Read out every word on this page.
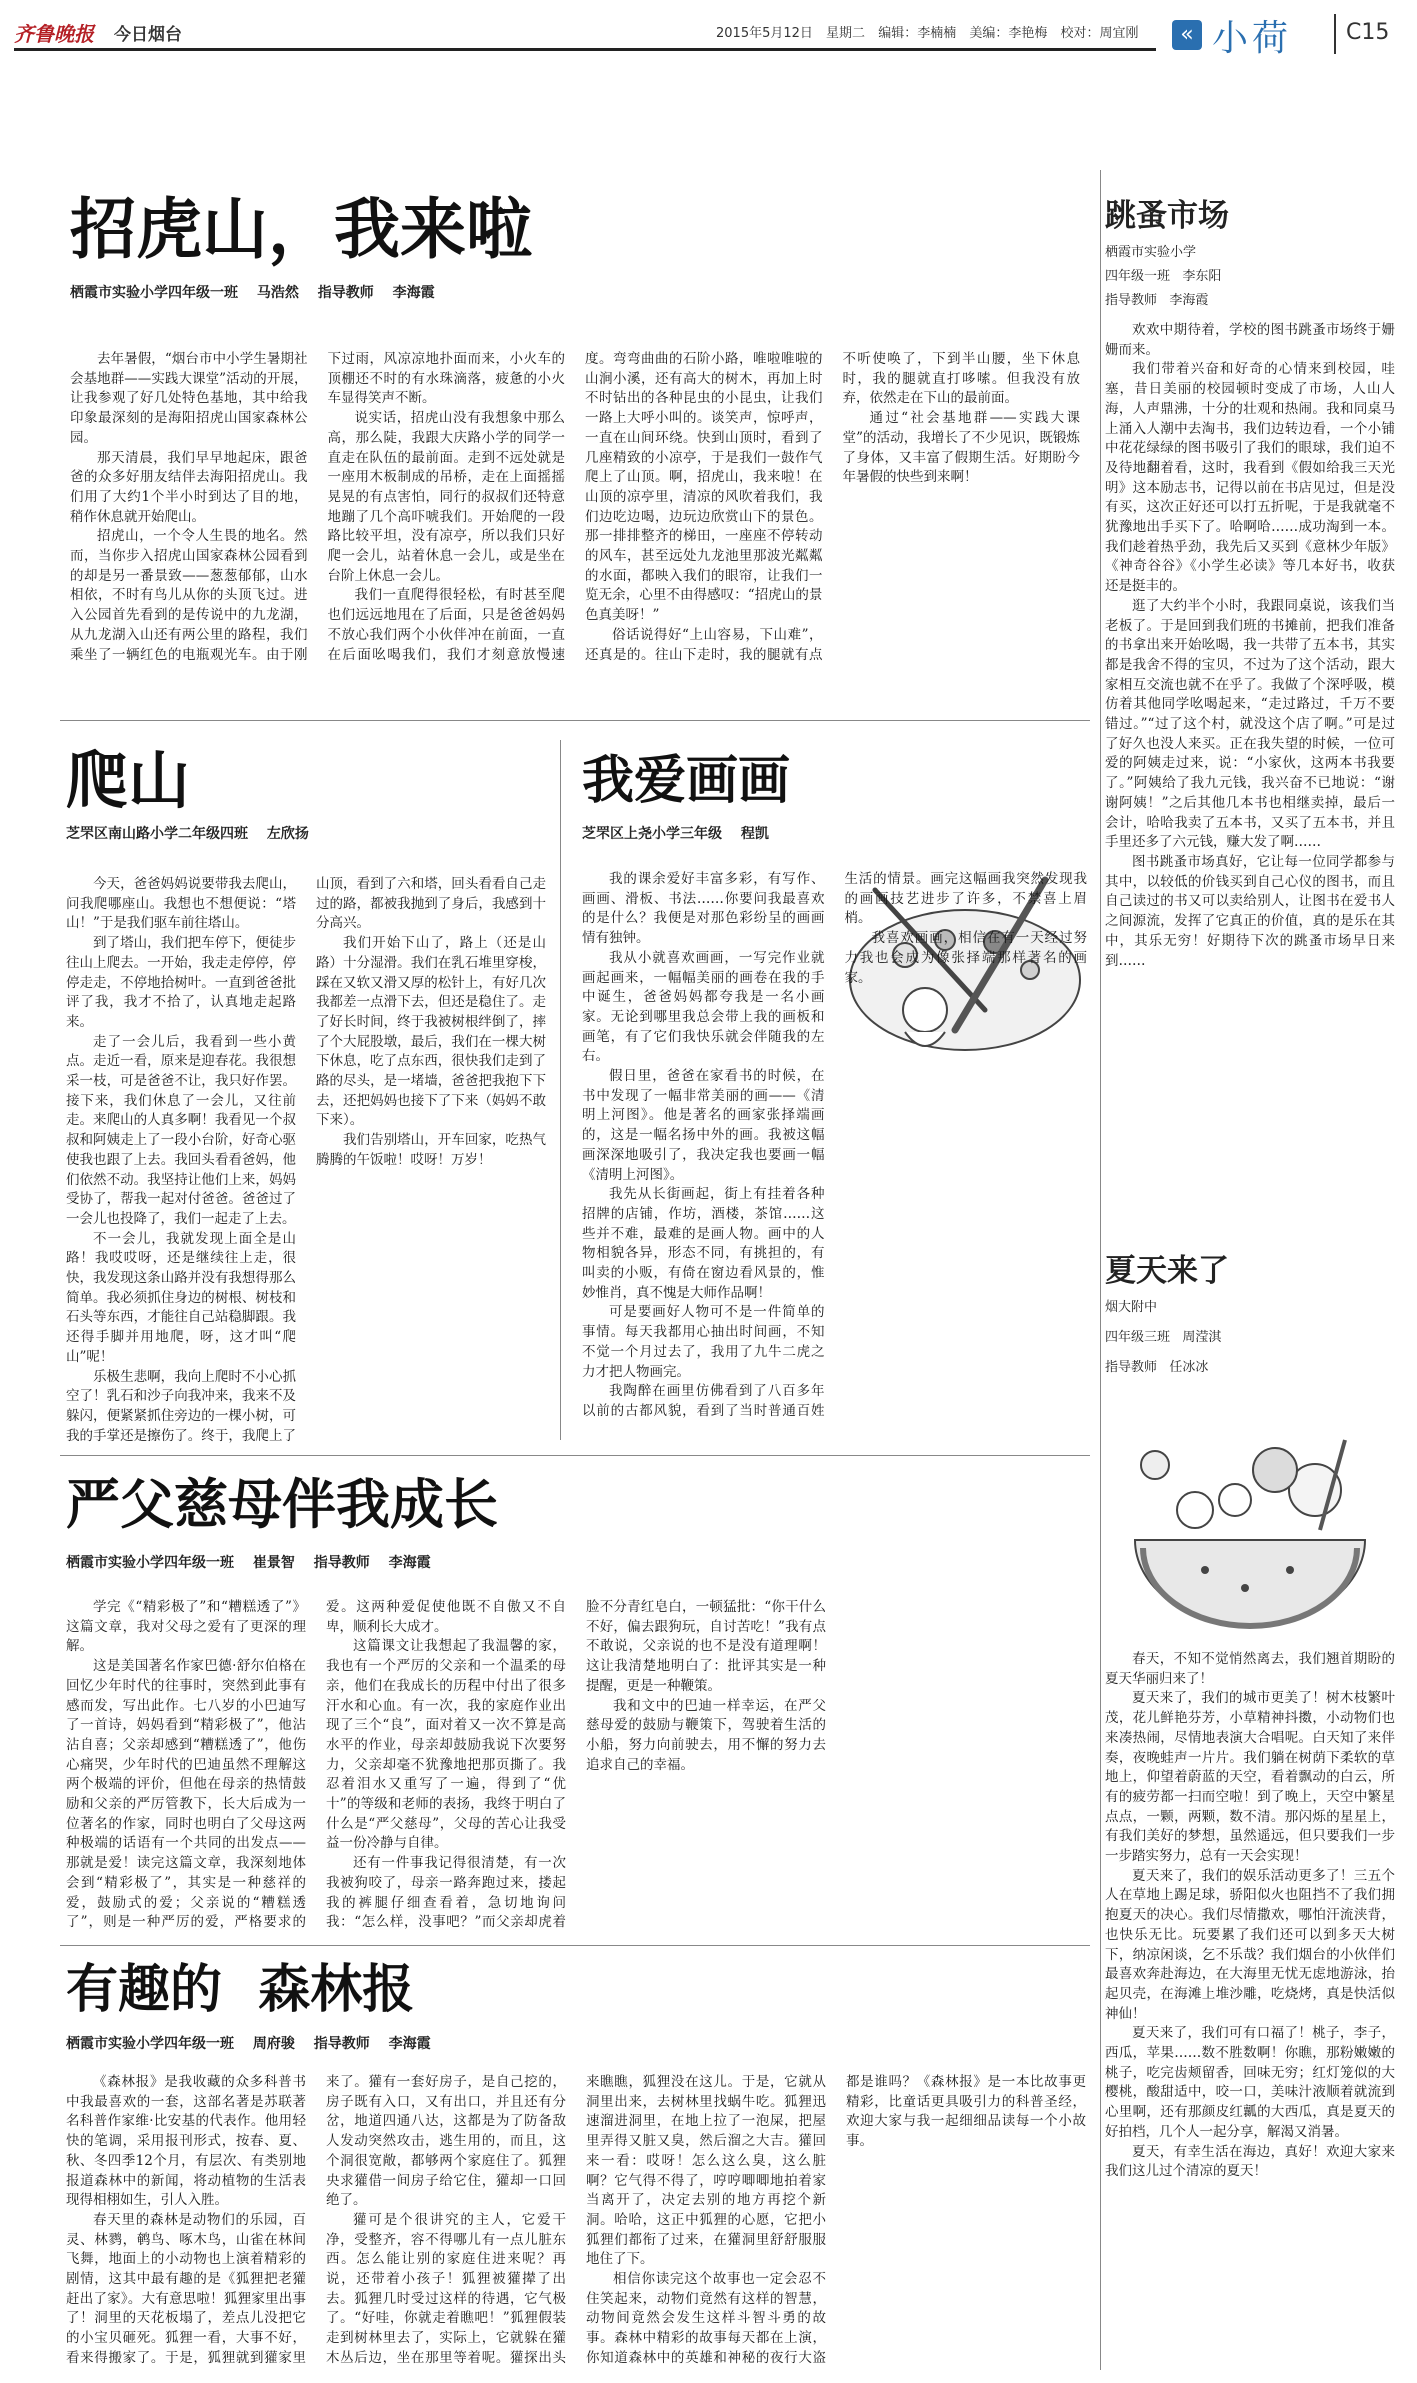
齐鲁晚报 今日烟台	2015年5月12日 星期二 编辑：李楠楠 美编：李艳梅 校对：周宜刚	« 小荷 C15
招虎山，我来啦
栖霞市实验小学四年级一班 马浩然 指导教师 李海霞

去年暑假，“烟台市中小学生暑期社会基地群——实践大课堂”活动的开展，让我参观了好几处特色基地，其中给我印象最深刻的是海阳招虎山国家森林公园。

那天清晨，我们早早地起床，跟爸爸的众多好朋友结伴去海阳招虎山。我们用了大约1个半小时到达了目的地，稍作休息就开始爬山。

招虎山，一个令人生畏的地名。然而，当你步入招虎山国家森林公园看到的却是另一番景致——葱葱郁郁，山水相依，不时有鸟儿从你的头顶飞过。进入公园首先看到的是传说中的九龙湖，从九龙湖入山还有两公里的路程，我们乘坐了一辆红色的电瓶观光车。由于刚下过雨，风凉凉地扑面而来，小火车的顶棚还不时的有水珠滴落，疲惫的小火车显得笑声不断。

说实话，招虎山没有我想象中那么高，那么陡，我跟大庆路小学的同学一直走在队伍的最前面。走到不远处就是一座用木板制成的吊桥，走在上面摇摇晃晃的有点害怕，同行的叔叔们还特意地蹦了几个高吓唬我们。开始爬的一段路比较平坦，没有凉亭，所以我们只好爬一会儿，站着休息一会儿，或是坐在台阶上休息一会儿。

我们一直爬得很轻松，有时甚至爬也们远远地甩在了后面，只是爸爸妈妈不放心我们两个小伙伴冲在前面，一直在后面吆喝我们，我们才刻意放慢速度。弯弯曲曲的石阶小路，唯啦唯啦的山涧小溪，还有高大的树木，再加上时不时钻出的各种昆虫的小昆虫，让我们一路上大呼小叫的。谈笑声，惊呼声，一直在山间环绕。快到山顶时，看到了几座精致的小凉亭，于是我们一鼓作气爬上了山顶。啊，招虎山，我来啦！在山顶的凉亭里，清凉的风吹着我们，我们边吃边喝，边玩边欣赏山下的景色。那一排排整齐的梯田，一座座不停转动的风车，甚至远处九龙池里那波光粼粼的水面，都映入我们的眼帘，让我们一览无余，心里不由得感叹：“招虎山的景色真美呀！”

俗话说得好“上山容易，下山难”，还真是的。往山下走时，我的腿就有点不听使唤了，下到半山腰，坐下休息时，我的腿就直打哆嗦。但我没有放弃，依然走在下山的最前面。

通过“社会基地群——实践大课堂”的活动，我增长了不少见识，既锻炼了身体，又丰富了假期生活。好期盼今年暑假的快些到来啊！

爬山
芝罘区南山路小学二年级四班 左欣扬

今天，爸爸妈妈说要带我去爬山，问我爬哪座山。我想也不想便说：“塔山！”于是我们驱车前往塔山。

到了塔山，我们把车停下，便徒步往山上爬去。一开始，我走走停停，停停走走，不停地拾树叶。一直到爸爸批评了我，我才不拾了，认真地走起路来。

走了一会儿后，我看到一些小黄点。走近一看，原来是迎春花。我很想采一枝，可是爸爸不让，我只好作罢。接下来，我们休息了一会儿，又往前走。来爬山的人真多啊！我看见一个叔叔和阿姨走上了一段小台阶，好奇心驱使我也跟了上去。我回头看看爸妈，他们依然不动。我坚持让他们上来，妈妈受协了，帮我一起对付爸爸。爸爸过了一会儿也投降了，我们一起走了上去。

不一会儿，我就发现上面全是山路！我哎哎呀，还是继续往上走，很快，我发现这条山路并没有我想得那么简单。我必须抓住身边的树根、树枝和石头等东西，才能往自己站稳脚跟。我还得手脚并用地爬，呀，这才叫“爬山”呢！

乐极生悲啊，我向上爬时不小心抓空了！乳石和沙子向我冲来，我来不及躲闪，便紧紧抓住旁边的一棵小树，可我的手掌还是擦伤了。终于，我爬上了山顶，看到了六和塔，回头看看自己走过的路，都被我抛到了身后，我感到十分高兴。

我们开始下山了，路上（还是山路）十分湿滑。我们在乳石堆里穿梭，踩在又软又滑又厚的松针上，有好几次我都差一点滑下去，但还是稳住了。走了好长时间，终于我被树根绊倒了，摔了个大屁股墩，最后，我们在一棵大树下休息，吃了点东西，很快我们走到了路的尽头，是一堵墙，爸爸把我抱下下去，还把妈妈也接下了下来（妈妈不敢下来）。

我们告别塔山，开车回家，吃热气腾腾的午饭啦！哎呀！万岁！

我爱画画
芝罘区上尧小学三年级 程凯

我的课余爱好丰富多彩，有写作、画画、滑板、书法……你要问我最喜欢的是什么？我便是对那色彩纷呈的画画情有独钟。

我从小就喜欢画画，一写完作业就画起画来，一幅幅美丽的画卷在我的手中诞生，爸爸妈妈都夸我是一名小画家。无论到哪里我总会带上我的画板和画笔，有了它们我快乐就会伴随我的左右。

假日里，爸爸在家看书的时候，在书中发现了一幅非常美丽的画——《清明上河图》。他是著名的画家张择端画的，这是一幅名扬中外的画。我被这幅画深深地吸引了，我决定我也要画一幅《清明上河图》。

我先从长街画起，街上有挂着各种招牌的店铺，作坊，酒楼，茶馆……这些并不难，最难的是画人物。画中的人物相貌各异，形态不同，有挑担的，有叫卖的小贩，有倚在窗边看风景的，惟妙惟肖，真不愧是大师作品啊！

可是要画好人物可不是一件简单的事情。每天我都用心抽出时间画，不知不觉一个月过去了，我用了九牛二虎之力才把人物画完。

我陶醉在画里仿佛看到了八百多年以前的古都风貌，看到了当时普通百姓生活的情景。画完这幅画我突然发现我的画画技艺进步了许多，不禁喜上眉梢。

我喜欢画画，相信在有一天经过努力我也会成为像张择端那样著名的画家。

严父慈母伴我成长
栖霞市实验小学四年级一班 崔景智 指导教师 李海霞

学完《“精彩极了”和“糟糕透了”》这篇文章，我对父母之爱有了更深的理解。

这是美国著名作家巴德·舒尔伯格在回忆少年时代的往事时，突然到此事有感而发，写出此作。七八岁的小巴迪写了一首诗，妈妈看到“精彩极了”，他沾沾自喜；父亲却感到“糟糕透了”，他伤心痛哭，少年时代的巴迪虽然不理解这两个极端的评价，但他在母亲的热情鼓励和父亲的严厉管教下，长大后成为一位著名的作家，同时也明白了父母这两种极端的话语有一个共同的出发点——那就是爱！读完这篇文章，我深刻地体会到“精彩极了”，其实是一种慈祥的爱，鼓励式的爱；父亲说的“糟糕透了”，则是一种严厉的爱，严格要求的爱。这两种爱促使他既不自傲又不自卑，顺利长大成才。

这篇课文让我想起了我温馨的家，我也有一个严厉的父亲和一个温柔的母亲，他们在我成长的历程中付出了很多汗水和心血。有一次，我的家庭作业出现了三个“良”，面对着又一次不算是高水平的作业，母亲却鼓励我说下次要努力，父亲却毫不犹豫地把那页撕了。我忍着泪水又重写了一遍，得到了“优十”的等级和老师的表扬，我终于明白了什么是“严父慈母”，父母的苦心让我受益一份冷静与自律。

还有一件事我记得很清楚，有一次我被狗咬了，母亲一路奔跑过来，搂起我的裤腿仔细查看着，急切地询问我：“怎么样，没事吧？”而父亲却虎着脸不分青红皂白，一顿猛批：“你干什么不好，偏去跟狗玩，自讨苦吃！”我有点不敢说，父亲说的也不是没有道理啊！这让我清楚地明白了：批评其实是一种提醒，更是一种鞭策。

我和文中的巴迪一样幸运，在严父慈母爱的鼓励与鞭策下，驾驶着生活的小船，努力向前驶去，用不懈的努力去追求自己的幸福。

有趣的  森林报
栖霞市实验小学四年级一班 周府骏 指导教师 李海霞

《森林报》是我收藏的众多科普书中我最喜欢的一套，这部名著是苏联著名科普作家维·比安基的代表作。他用轻快的笔调，采用报刊形式，按春、夏、秋、冬四季12个月，有层次、有类别地报道森林中的新闻，将动植物的生活表现得相栩如生，引人入胜。

春天里的森林是动物们的乐园，百灵、林鹨，鹌鸟、啄木鸟，山雀在林间飞舞，地面上的小动物也上演着精彩的剧情，这其中最有趣的是《狐狸把老獾赶出了家》。大有意思啦！狐狸家里出事了！洞里的天花板塌了，差点儿没把它的小宝贝砸死。狐狸一看，大事不好，看来得搬家了。于是，狐狸就到獾家里来了。獾有一套好房子，是自己挖的，房子既有入口，又有出口，并且还有分岔，地道四通八达，这都是为了防备敌人发动突然攻击，逃生用的，而且，这个洞很宽敞，都够两个家庭住了。狐狸央求獾借一间房子给它住，獾却一口回绝了。

獾可是个很讲究的主人，它爱干净，受整齐，容不得哪儿有一点儿脏东西。怎么能让别的家庭住进来呢？再说，还带着小孩子！狐狸被獾撵了出去。狐狸几时受过这样的待遇，它气极了。“好哇，你就走着瞧吧！”狐狸假装走到树林里去了，实际上，它就躲在獾木丛后边，坐在那里等着呢。獾探出头来瞧瞧，狐狸没在这儿。于是，它就从洞里出来，去树林里找蜗牛吃。狐狸迅速溜进洞里，在地上拉了一泡屎，把屋里弄得又脏又臭，然后溜之大吉。獾回来一看：哎呀！怎么这么臭，这么脏啊？它气得不得了，哼哼唧唧地拍着家当离开了，决定去别的地方再挖个新洞。哈哈，这正中狐狸的心愿，它把小狐狸们都衔了过来，在獾洞里舒舒服服地住了下。

相信你读完这个故事也一定会忍不住笑起来，动物们竟然有这样的智慧，动物间竟然会发生这样斗智斗勇的故事。森林中精彩的故事每天都在上演，你知道森林中的英雄和神秘的夜行大盗都是谁吗？《森林报》是一本比故事更精彩，比童话更具吸引力的科普圣经，欢迎大家与我一起细细品读每一个小故事。

跳蚤市场
栖霞市实验小学
四年级一班 李东阳
指导教师 李海霞

欢欢中期待着，学校的图书跳蚤市场终于姗姗而来。

我们带着兴奋和好奇的心情来到校园，哇塞，昔日美丽的校园顿时变成了市场，人山人海，人声鼎沸，十分的壮观和热闹。我和同桌马上涌入人潮中去淘书，我们边转边看，一个小铺中花花绿绿的图书吸引了我们的眼球，我们迫不及待地翻着看，这时，我看到《假如给我三天光明》这本励志书，记得以前在书店见过，但是没有买，这次正好还可以打五折呢，于是我就毫不犹豫地出手买下了。哈啊哈……成功淘到一本。我们趁着热乎劲，我先后又买到《意林少年版》《神奇谷谷》《小学生必读》等几本好书，收获还是挺丰的。

逛了大约半个小时，我跟同桌说，该我们当老板了。于是回到我们班的书摊前，把我们准备的书拿出来开始吆喝，我一共带了五本书，其实都是我舍不得的宝贝，不过为了这个活动，跟大家相互交流也就不在乎了。我做了个深呼吸，模仿着其他同学吆喝起来，“走过路过，千万不要错过。”“过了这个村，就没这个店了啊。”可是过了好久也没人来买。正在我失望的时候，一位可爱的阿姨走过来，说：“小家伙，这两本书我要了。”阿姨给了我九元钱，我兴奋不已地说：“谢谢阿姨！”之后其他几本书也相继卖掉，最后一会计，哈哈我卖了五本书，又买了五本书，并且手里还多了六元钱，赚大发了啊……

图书跳蚤市场真好，它让每一位同学都参与其中，以较低的价钱买到自己心仪的图书，而且自己读过的书又可以卖给别人，让图书在爱书人之间源流，发挥了它真正的价值，真的是乐在其中，其乐无穷！好期待下次的跳蚤市场早日来到……

夏天来了
烟大附中
四年级三班 周滢淇
指导教师 任冰冰

春天，不知不觉悄然离去，我们翘首期盼的夏天华丽归来了！

夏天来了，我们的城市更美了！树木枝繁叶茂，花儿鲜艳芬芳，小草精神抖擞，小动物们也来凑热闹，尽情地表演大合唱呢。白天知了来伴奏，夜晚蛙声一片片。我们躺在树荫下柔软的草地上，仰望着蔚蓝的天空，看着飘动的白云，所有的疲劳都一扫而空啦！到了晚上，天空中繁星点点，一颗，两颗，数不清。那闪烁的星星上，有我们美好的梦想，虽然遥远，但只要我们一步一步踏实努力，总有一天会实现！

夏天来了，我们的娱乐活动更多了！三五个人在草地上踢足球，骄阳似火也阻挡不了我们拥抱夏天的决心。我们尽情撒欢，哪怕汗流浃背，也快乐无比。玩要累了我们还可以到多天大树下，纳凉闲谈，乞不乐哉？我们烟台的小伙伴们最喜欢奔赴海边，在大海里无忧无虑地游泳，抬起贝壳，在海滩上堆沙雕，吃烧烤，真是快活似神仙！

夏天来了，我们可有口福了！桃子，李子，西瓜，苹果……数不胜数啊！你瞧，那粉嫩嫩的桃子，吃完齿颊留香，回味无穷；红灯笼似的大樱桃，酸甜适中，咬一口，美味汁液顺着就流到心里啊，还有那颜皮红瓤的大西瓜，真是夏天的好拍档，几个人一起分享，解渴又消暑。

夏天，有幸生活在海边，真好！欢迎大家来我们这儿过个清凉的夏天！
